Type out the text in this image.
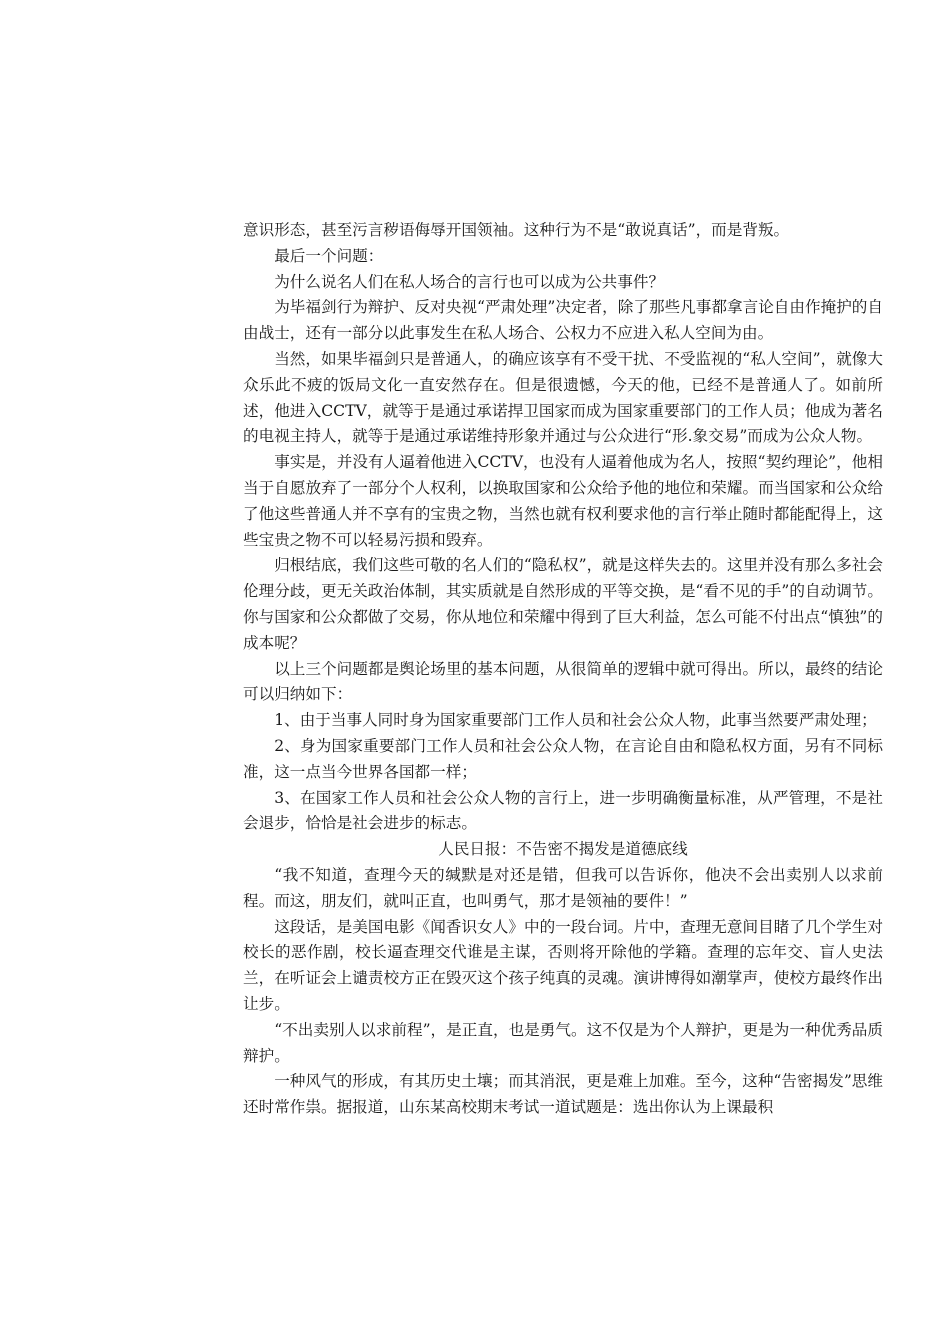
意识形态，甚至污言秽语侮辱开国领袖。这种行为不是“敢说真话”，而是背叛。

最后一个问题：

为什么说名人们在私人场合的言行也可以成为公共事件？

为毕福剑行为辩护、反对央视“严肃处理”决定者，除了那些凡事都拿言论自由作掩护的自由战士，还有一部分以此事发生在私人场合、公权力不应进入私人空间为由。

当然，如果毕福剑只是普通人，的确应该享有不受干扰、不受监视的“私人空间”，就像大众乐此不疲的饭局文化一直安然存在。但是很遗憾，今天的他，已经不是普通人了。如前所述，他进入CCTV，就等于是通过承诺捍卫国家而成为国家重要部门的工作人员；他成为著名的电视主持人，就等于是通过承诺维持形象并通过与公众进行“形.象交易”而成为公众人物。

事实是，并没有人逼着他进入CCTV，也没有人逼着他成为名人，按照“契约理论”，他相当于自愿放弃了一部分个人权利，以换取国家和公众给予他的地位和荣耀。而当国家和公众给了他这些普通人并不享有的宝贵之物，当然也就有权利要求他的言行举止随时都能配得上，这些宝贵之物不可以轻易污损和毁弃。

归根结底，我们这些可敬的名人们的“隐私权”，就是这样失去的。这里并没有那么多社会伦理分歧，更无关政治体制，其实质就是自然形成的平等交换，是“看不见的手”的自动调节。你与国家和公众都做了交易，你从地位和荣耀中得到了巨大利益，怎么可能不付出点“慎独”的成本呢？

以上三个问题都是舆论场里的基本问题，从很简单的逻辑中就可得出。所以，最终的结论可以归纳如下：

1、由于当事人同时身为国家重要部门工作人员和社会公众人物，此事当然要严肃处理；

2、身为国家重要部门工作人员和社会公众人物，在言论自由和隐私权方面，另有不同标准，这一点当今世界各国都一样；

3、在国家工作人员和社会公众人物的言行上，进一步明确衡量标准，从严管理，不是社会退步，恰恰是社会进步的标志。

人民日报：不告密不揭发是道德底线

“我不知道，查理今天的缄默是对还是错，但我可以告诉你，他决不会出卖别人以求前程。而这，朋友们，就叫正直，也叫勇气，那才是领袖的要件！”

这段话，是美国电影《闻香识女人》中的一段台词。片中，查理无意间目睹了几个学生对校长的恶作剧，校长逼查理交代谁是主谋，否则将开除他的学籍。查理的忘年交、盲人史法兰，在听证会上谴责校方正在毁灭这个孩子纯真的灵魂。演讲博得如潮掌声，使校方最终作出让步。

“不出卖别人以求前程”，是正直，也是勇气。这不仅是为个人辩护，更是为一种优秀品质辩护。

一种风气的形成，有其历史土壤；而其消泯，更是难上加难。至今，这种“告密揭发”思维还时常作祟。据报道，山东某高校期末考试一道试题是：选出你认为上课最积
